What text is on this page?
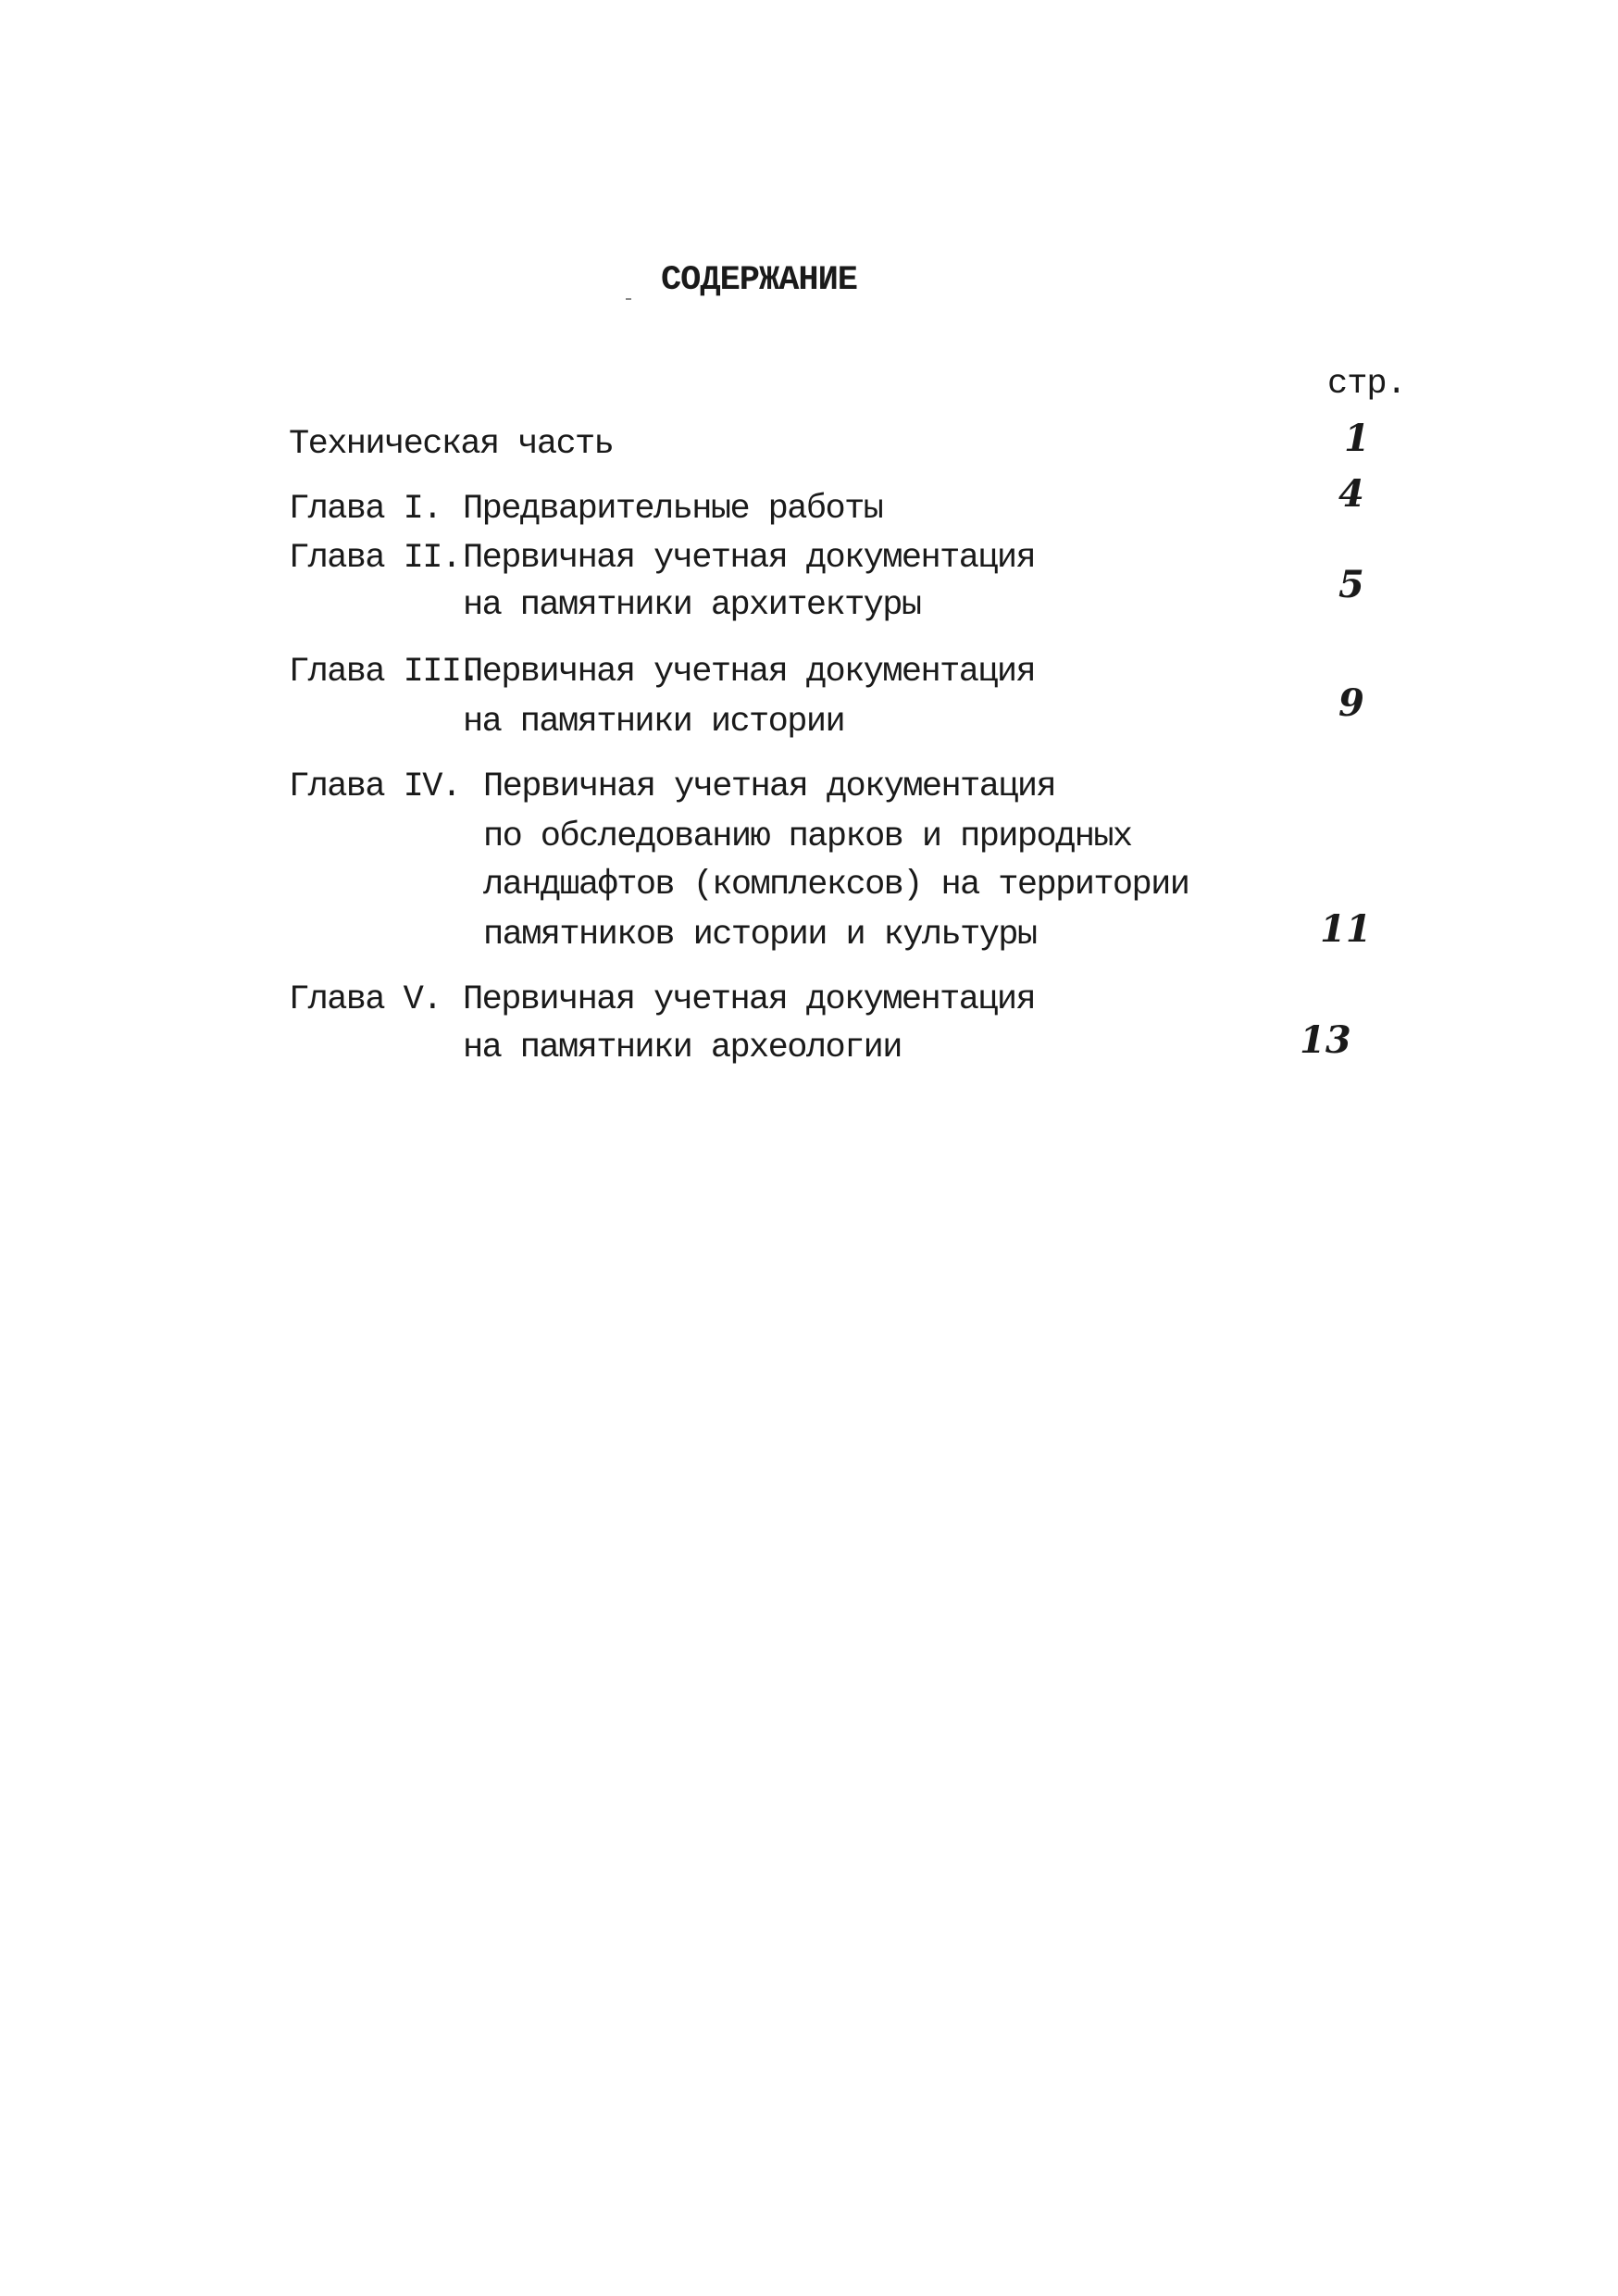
СОДЕРЖАНИЕ
стр.
Техническая часть	1
Глава I. Предварительные работы	4
Глава II. Первичная учетная документация
на памятники архитектуры	5
Глава III.
Первичная учетная документация
на памятники истории	9
Глава IV. Первичная учетная документация
по обследованию парков и природных
ландшафтов (комплексов) на территории
памятников истории и культуры	11
Глава V. Первичная учетная документация
на памятники археологии	13
